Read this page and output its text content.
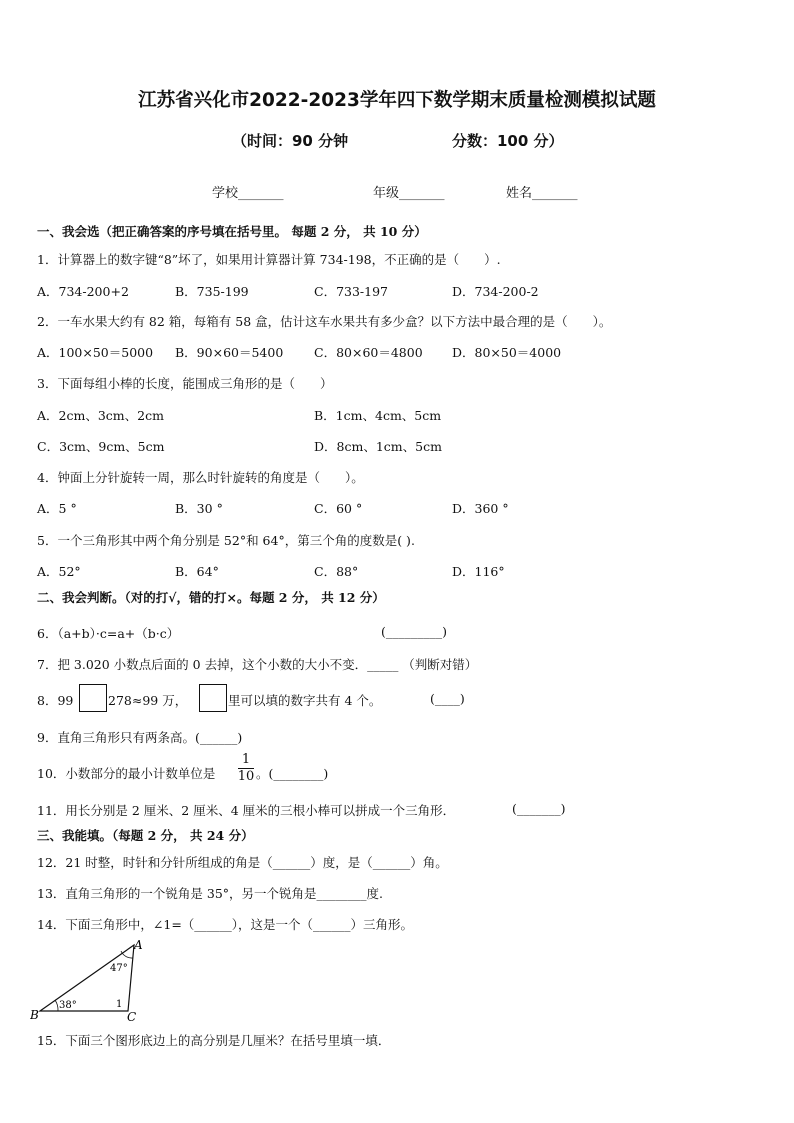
江苏省兴化市2022-2023学年四下数学期末质量检测模拟试题
（时间：90 分钟	分数：100 分）
学校_______	年级_______	姓名_______
一、我会选（把正确答案的序号填在括号里。 每题 2 分， 共 10 分）
1．计算器上的数字键“8”坏了，如果用计算器计算 734-198，不正确的是（　　）.
A．734-200+2	B．735-199	C．733-197	D．734-200-2
2．一车水果大约有 82 箱，每箱有 58 盒，估计这车水果共有多少盒？以下方法中最合理的是（　　）。
A．100×50＝5000 B．90×60＝5400 C．80×60＝4800 D．80×50＝4000
3．下面每组小棒的长度，能围成三角形的是（　　）
A．2cm、3cm、2cm	B．1cm、4cm、5cm
C．3cm、9cm、5cm	D．8cm、1cm、5cm
4．钟面上分针旋转一周，那么时针旋转的角度是（　　）。
A．5 °	B．30 °	C．60 °	D．360 °
5．一个三角形其中两个角分别是 52°和 64°，第三个角的度数是( ).
A．52°	B．64°	C．88°	D．116°
二、我会判断。（对的打√，错的打×。每题 2 分， 共 12 分）
6．（a+b）·c=a+（b·c）	(_________)
7．把 3.020 小数点后面的 0 去掉，这个小数的大小不变．_____ （判断对错）
8．99	278≈99 万，	里可以填的数字共有 4 个。	(____)
9．直角三角形只有两条高。(______)
10．小数部分的最小计数单位是
1
10 。(________)
11．用长分别是 2 厘米、2 厘米、4 厘米的三根小棒可以拼成一个三角形．	(_______)
三、我能填。（每题 2 分， 共 24 分）
12．21 时整，时针和分针所组成的角是（______）度，是（______）角。
13．直角三角形的一个锐角是 35°，另一个锐角是________度.
14．下面三角形中，∠1=（______），这是一个（______）三角形。
A
B	C
47°
38°	1
15．下面三个图形底边上的高分别是几厘米？在括号里填一填．
